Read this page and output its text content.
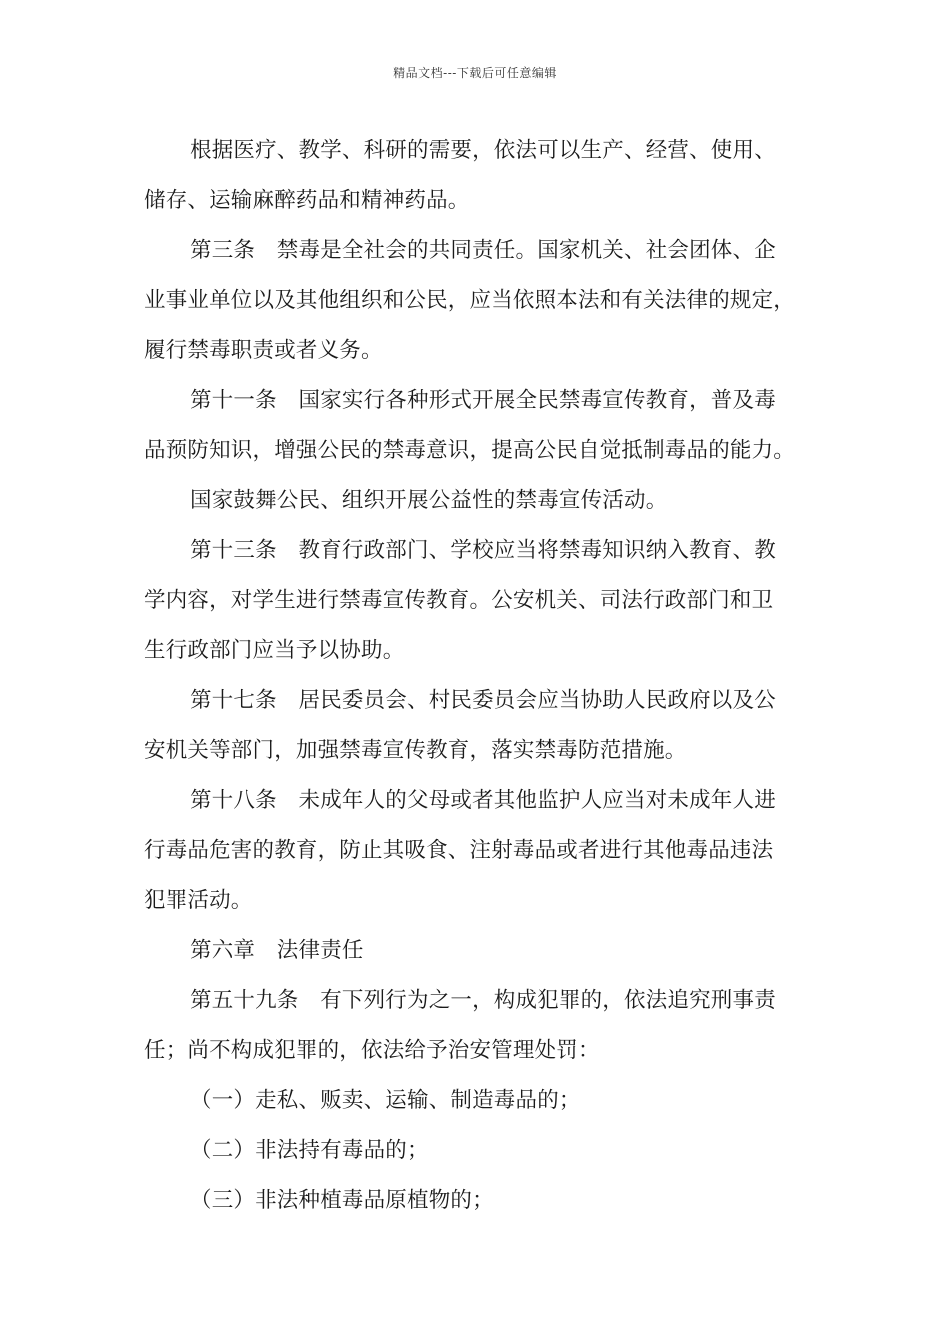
精品文档---下载后可任意编辑
根据医疗、教学、科研的需要，依法可以生产、经营、使用、
储存、运输麻醉药品和精神药品。
第三条　禁毒是全社会的共同责任。国家机关、社会团体、企
业事业单位以及其他组织和公民，应当依照本法和有关法律的规定，
履行禁毒职责或者义务。
第十一条　国家实行各种形式开展全民禁毒宣传教育，普及毒
品预防知识，增强公民的禁毒意识，提高公民自觉抵制毒品的能力。
国家鼓舞公民、组织开展公益性的禁毒宣传活动。
第十三条　教育行政部门、学校应当将禁毒知识纳入教育、教
学内容，对学生进行禁毒宣传教育。公安机关、司法行政部门和卫
生行政部门应当予以协助。
第十七条　居民委员会、村民委员会应当协助人民政府以及公
安机关等部门，加强禁毒宣传教育，落实禁毒防范措施。
第十八条　未成年人的父母或者其他监护人应当对未成年人进
行毒品危害的教育，防止其吸食、注射毒品或者进行其他毒品违法
犯罪活动。
第六章　法律责任
第五十九条　有下列行为之一，构成犯罪的，依法追究刑事责
任；尚不构成犯罪的，依法给予治安管理处罚：
（一）走私、贩卖、运输、制造毒品的；
（二）非法持有毒品的；
（三）非法种植毒品原植物的；
